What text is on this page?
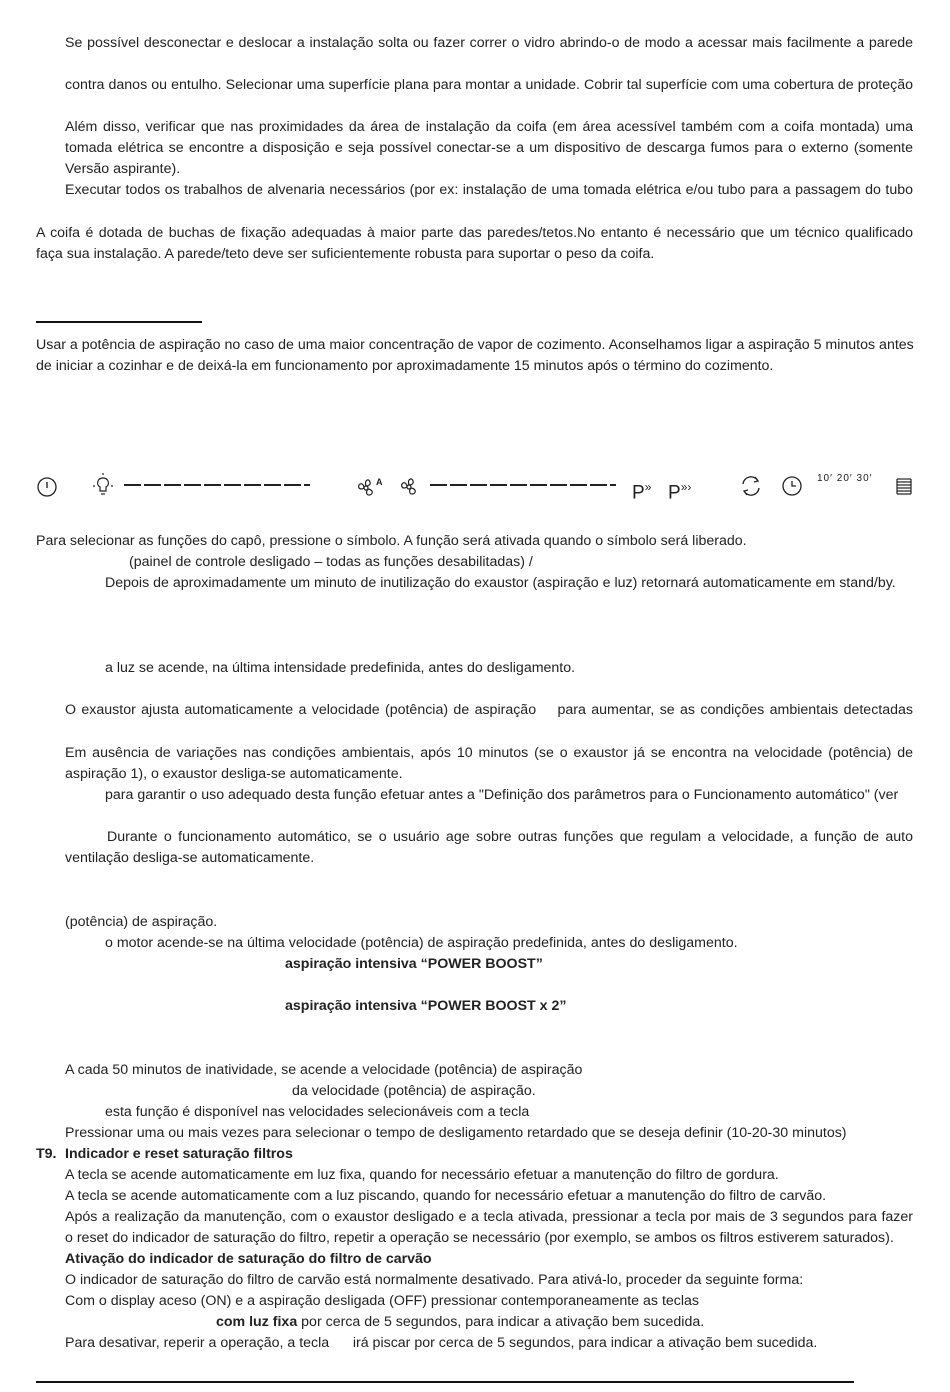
Se possível desconectar e deslocar a instalação solta ou fazer correr o vidro abrindo-o de modo a acessar mais facilmente a parede
contra danos ou entulho. Selecionar uma superfície plana para montar a unidade. Cobrir tal superfície com uma cobertura de proteção
Além disso, verificar que nas proximidades da área de instalação da coifa (em área acessível também com a coifa montada) uma
tomada elétrica se encontre a disposição e seja possível conectar-se a um dispositivo de descarga fumos para o externo (somente
Versão aspirante).
Executar todos os trabalhos de alvenaria necessários (por ex: instalação de uma tomada elétrica e/ou tubo para a passagem do tubo
A coifa é dotada de buchas de fixação adequadas à maior parte das paredes/tetos.No entanto é necessário que um técnico qualificado
faça sua instalação. A parede/teto deve ser suficientemente robusta para suportar o peso da coifa.
Usar a potência de aspiração no caso de uma maior concentração de vapor de cozimento. Aconselhamos ligar a aspiração 5 minutos antes
de iniciar a cozinhar e de deixá-la em funcionamento por aproximadamente 15 minutos após o término do cozimento.
A
P» P»›
10′ 20′ 30′
Para selecionar as funções do capô, pressione o símbolo. A função será ativada quando o símbolo será liberado.
(painel de controle desligado – todas as funções desabilitadas) /
Depois de aproximadamente um minuto de inutilização do exaustor (aspiração e luz) retornará automaticamente em stand/by.
a luz se acende, na última intensidade predefinida, antes do desligamento.
O exaustor ajusta automaticamente a velocidade (potência) de aspiração    para aumentar, se as condições ambientais detectadas
Em ausência de variações nas condições ambientais, após 10 minutos (se o exaustor já se encontra na velocidade (potência) de
aspiração 1), o exaustor desliga-se automaticamente.
para garantir o uso adequado desta função efetuar antes a "Definição dos parâmetros para o Funcionamento automático" (ver
Durante o funcionamento automático, se o usuário age sobre outras funções que regulam a velocidade, a função de auto
ventilação desliga-se automaticamente.
(potência) de aspiração.
o motor acende-se na última velocidade (potência) de aspiração predefinida, antes do desligamento.
aspiração intensiva “POWER BOOST”
aspiração intensiva “POWER BOOST x 2”
A cada 50 minutos de inatividade, se acende a velocidade (potência) de aspiração
da velocidade (potência) de aspiração.
esta função é disponível nas velocidades selecionáveis com a tecla
Pressionar uma ou mais vezes para selecionar o tempo de desligamento retardado que se deseja definir (10-20-30 minutos)
T9. Indicador e reset saturação filtros
A tecla se acende automaticamente em luz fixa, quando for necessário efetuar a manutenção do filtro de gordura.
A tecla se acende automaticamente com a luz piscando, quando for necessário efetuar a manutenção do filtro de carvão.
Após a realização da manutenção, com o exaustor desligado e a tecla ativada, pressionar a tecla por mais de 3 segundos para fazer
o reset do indicador de saturação do filtro, repetir a operação se necessário (por exemplo, se ambos os filtros estiverem saturados).
Ativação do indicador de saturação do filtro de carvão
O indicador de saturação do filtro de carvão está normalmente desativado. Para ativá-lo, proceder da seguinte forma:
Com o display aceso (ON) e a aspiração desligada (OFF) pressionar contemporaneamente as teclas
com luz fixa por cerca de 5 segundos, para indicar a ativação bem sucedida.
Para desativar, reperir a operação, a tecla      irá piscar por cerca de 5 segundos, para indicar a ativação bem sucedida.
